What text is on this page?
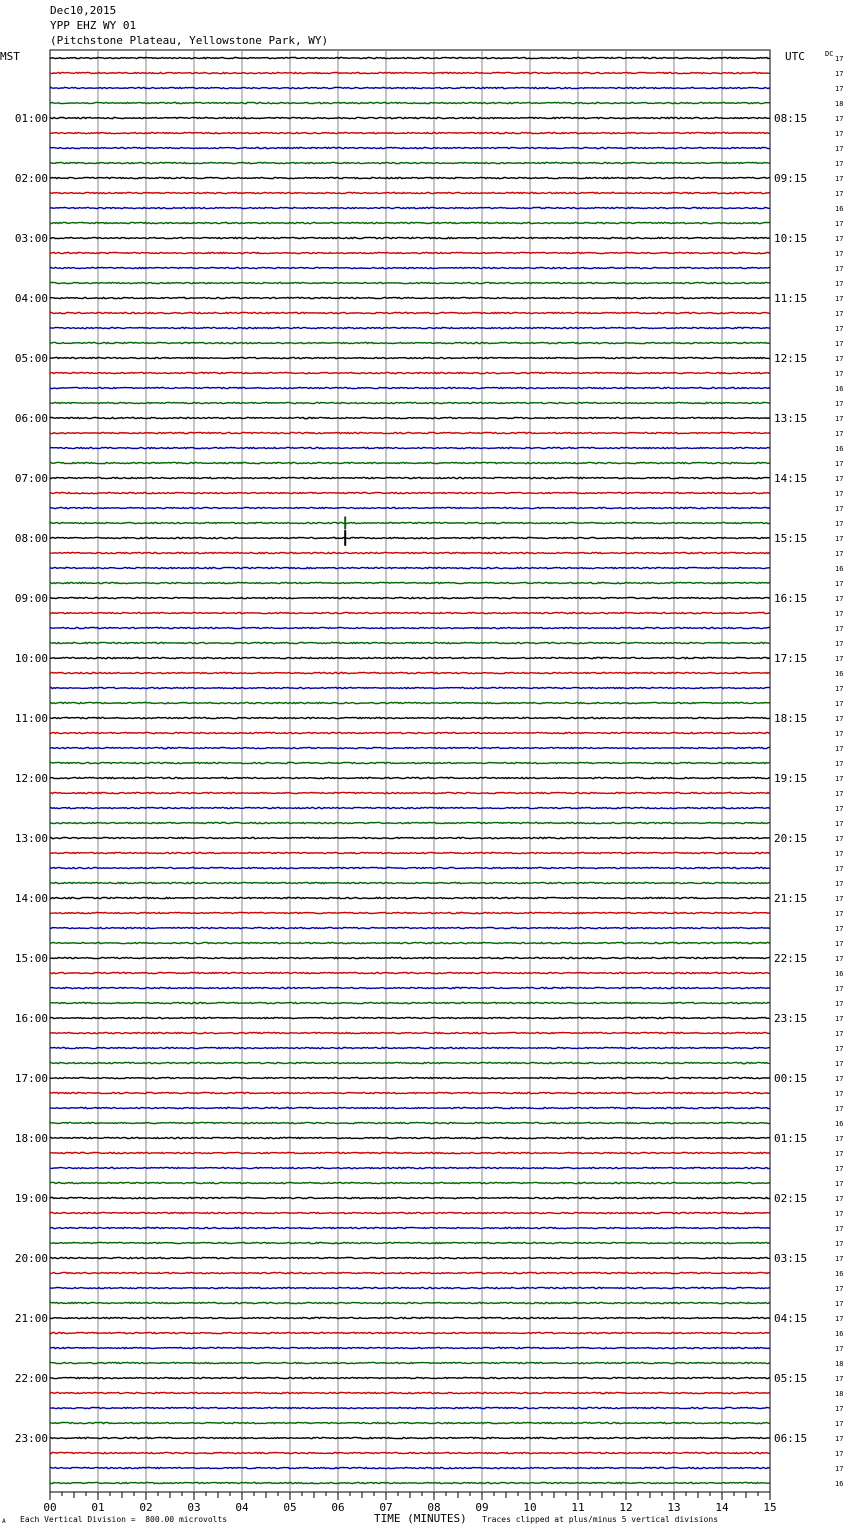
Dec10,2015
YPP EHZ WY 01
(Pitchstone Plateau, Yellowstone Park, WY)
MST	UTC	DC
01:00
02:00
03:00
04:00
05:00
06:00
07:00
08:00
09:00
10:00
11:00
12:00
13:00
14:00
15:00
16:00
17:00
18:00
19:00
20:00
21:00
22:00
23:00
08:15
09:15
10:15
11:15
12:15
13:15
14:15
15:15
16:15
17:15
18:15
19:15
20:15
21:15
22:15
23:15
00:15
01:15
02:15
03:15
04:15
05:15
06:15
17
17
17
18
17
17
17
17
17
17
16
17
17
17
17
17
17
17
17
17
17
17
16
17
17
17
16
17
17
17
17
17
17
17
16
17
17
17
17
17
17
16
17
17
17
17
17
17
17
17
17
17
17
17
17
17
17
17
17
17
17
16
17
17
17
17
17
17
17
17
17
16
17
17
17
17
17
17
17
17
17
16
17
17
17
16
17
18
17
18
17
17
17
17
17
16
00	01	02	03	04	05	06	07	08	09	10	11	12	13	14	15
A Each Vertical Division =  800.00 microvolts	TIME (MINUTES) Traces clipped at plus/minus 5 vertical divisions
